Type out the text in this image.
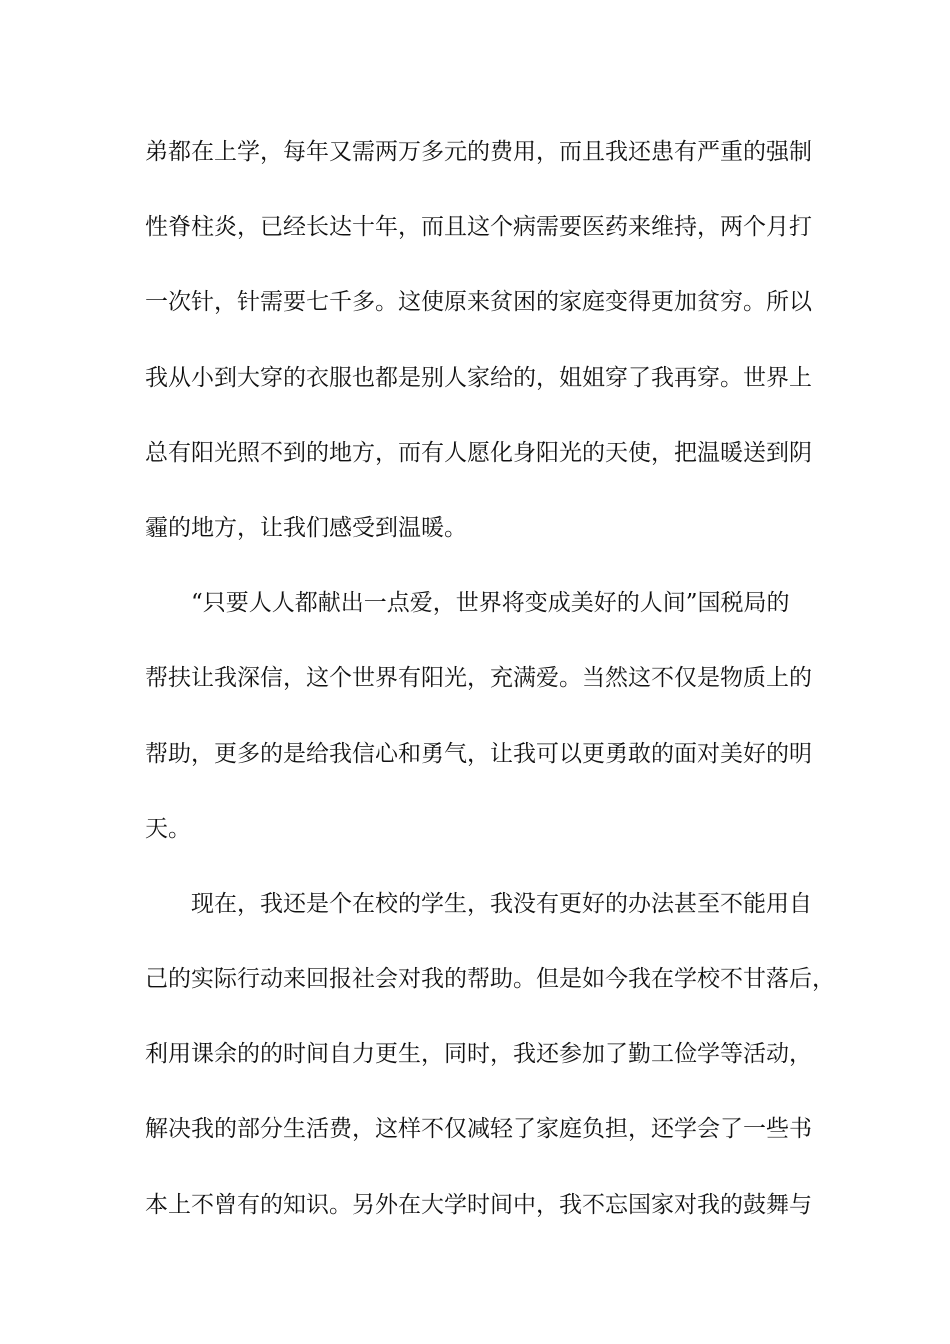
弟都在上学，每年又需两万多元的费用，而且我还患有严重的强制
性脊柱炎，已经长达十年，而且这个病需要医药来维持，两个月打
一次针，针需要七千多。这使原来贫困的家庭变得更加贫穷。所以
我从小到大穿的衣服也都是别人家给的，姐姐穿了我再穿。世界上
总有阳光照不到的地方，而有人愿化身阳光的天使，把温暖送到阴
霾的地方，让我们感受到温暖。
“只要人人都献出一点爱，世界将变成美好的人间”国税局的
帮扶让我深信，这个世界有阳光，充满爱。当然这不仅是物质上的
帮助，更多的是给我信心和勇气，让我可以更勇敢的面对美好的明
天。
现在，我还是个在校的学生，我没有更好的办法甚至不能用自
己的实际行动来回报社会对我的帮助。但是如今我在学校不甘落后，
利用课余的的时间自力更生，同时，我还参加了勤工俭学等活动，
解决我的部分生活费，这样不仅减轻了家庭负担，还学会了一些书
本上不曾有的知识。另外在大学时间中，我不忘国家对我的鼓舞与
